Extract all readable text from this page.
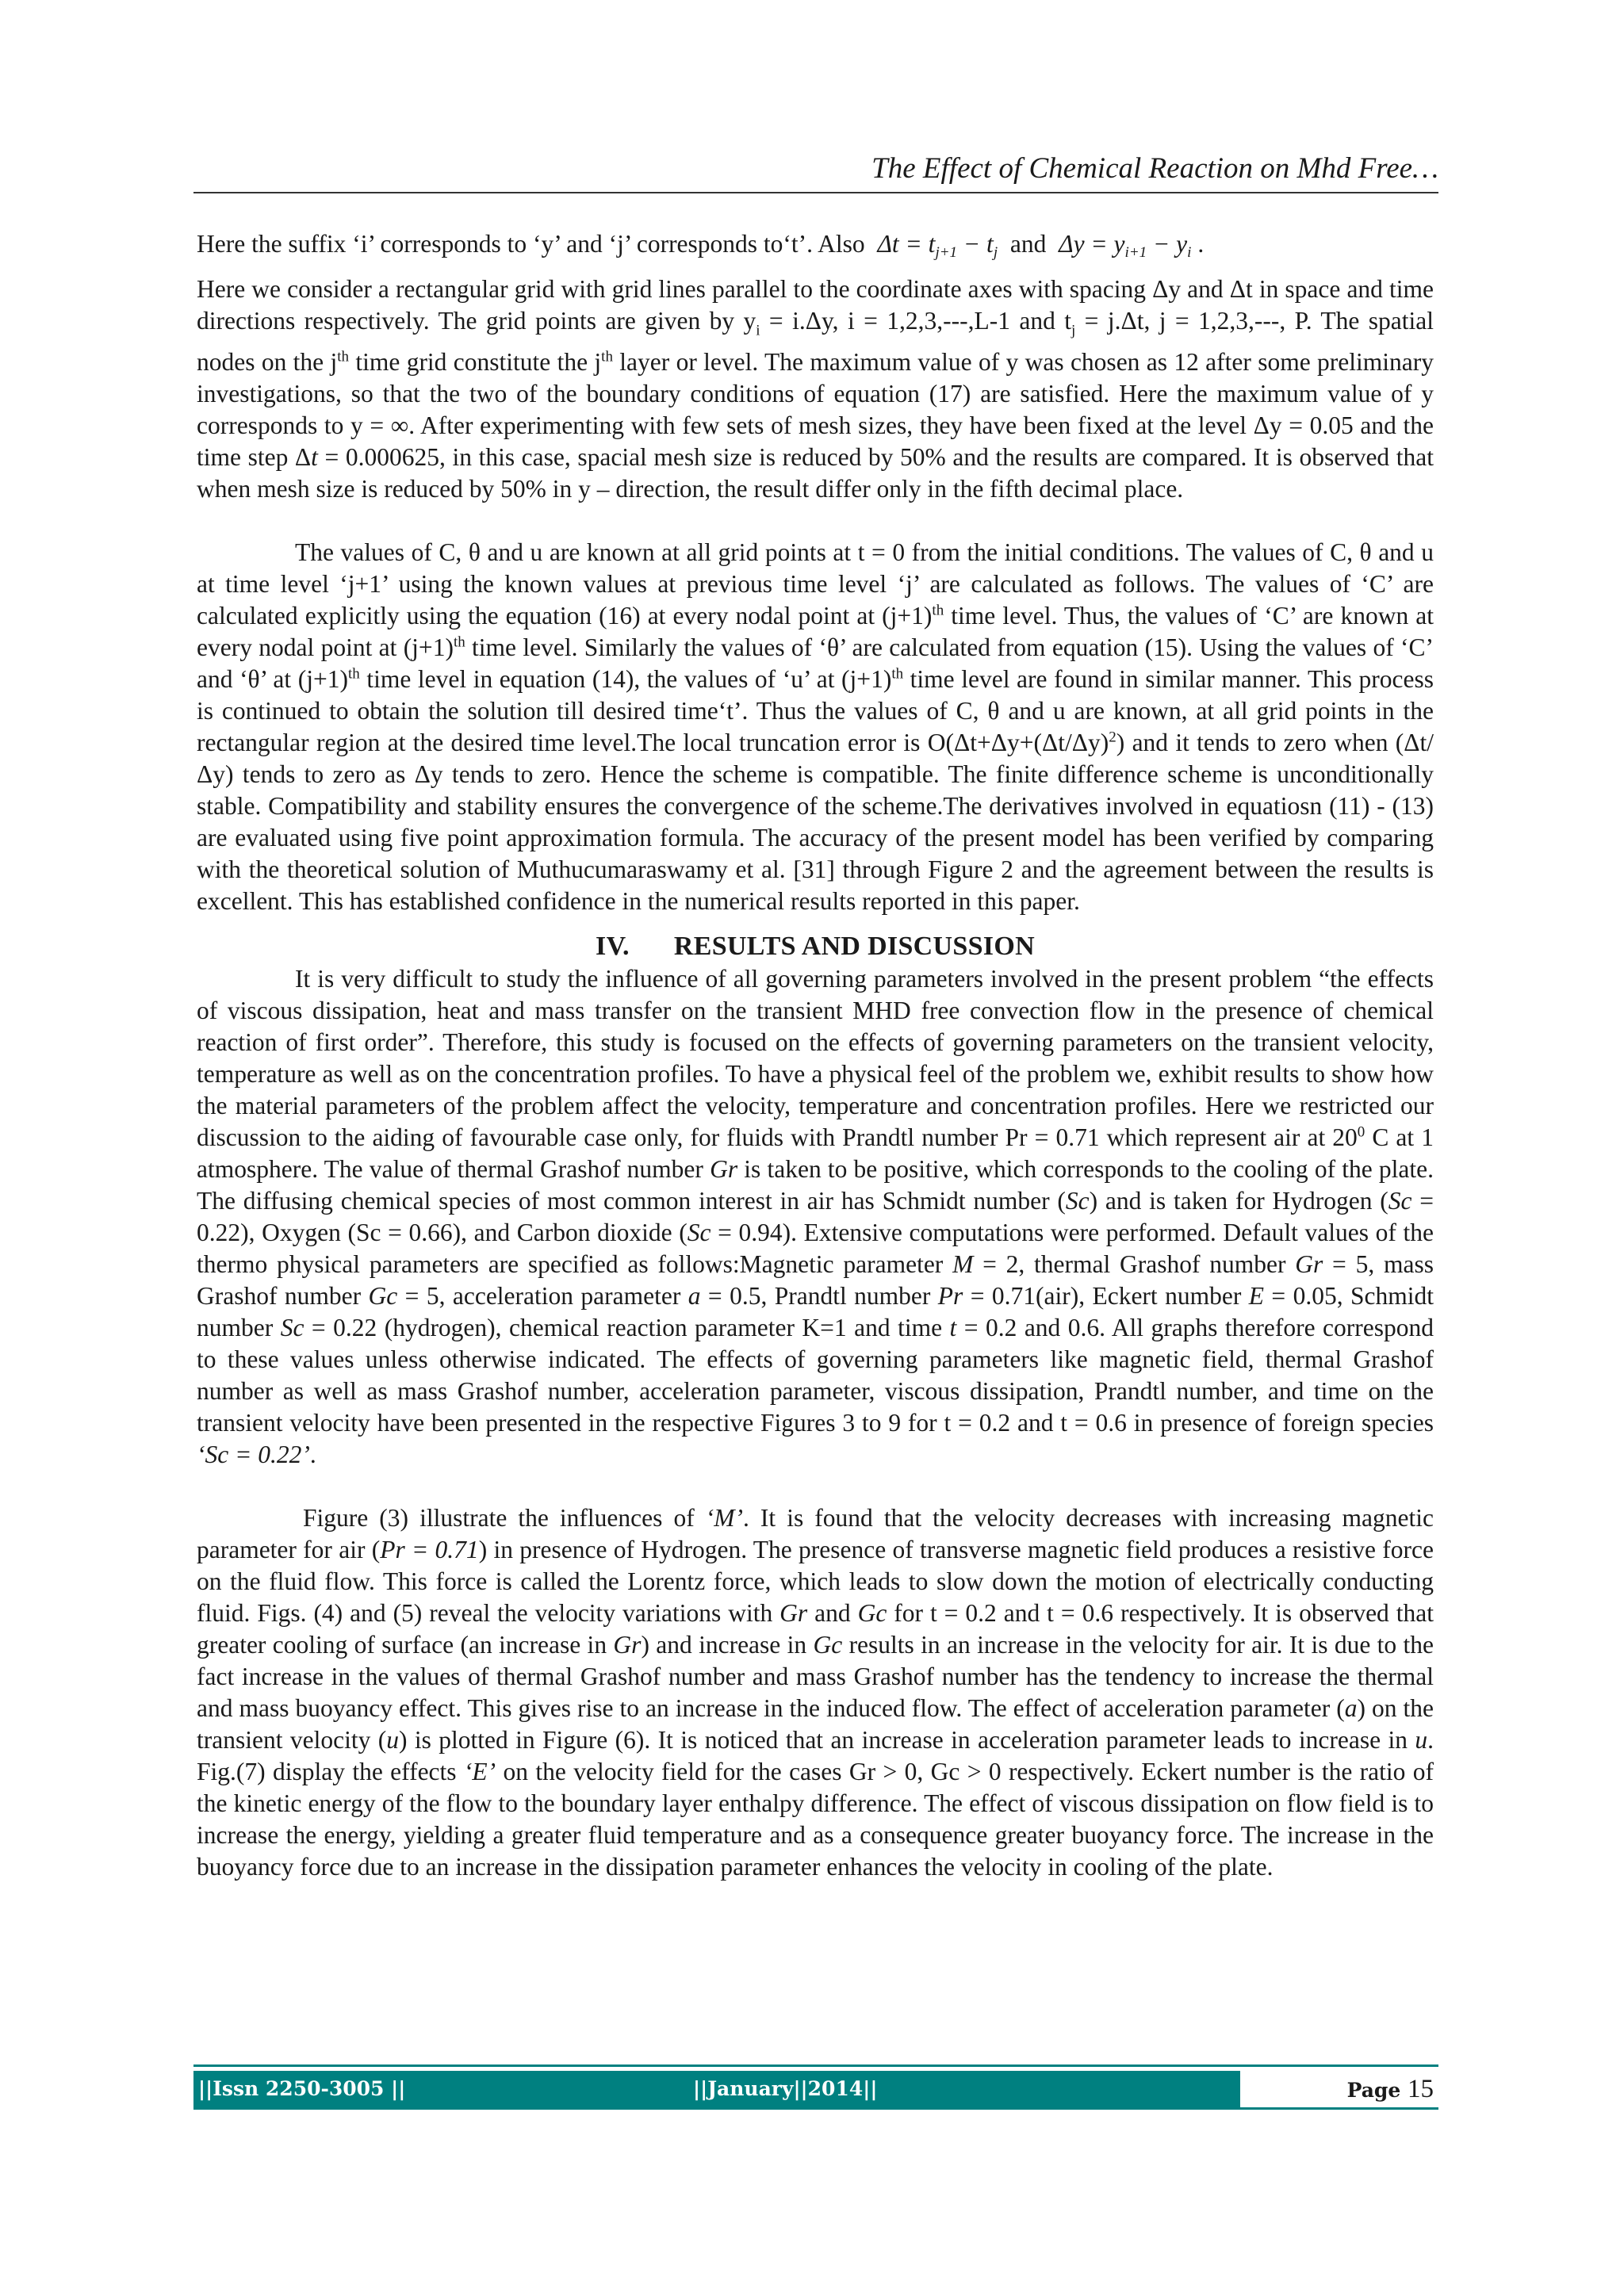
The Effect of Chemical Reaction on Mhd Free…

Here the suffix ‘i’ corresponds to ‘y’ and ‘j’ corresponds to‘t’. Also $\Delta t = t_{j+1} - t_j$ and $\Delta y = y_{i+1} - y_i$ .

Here we consider a rectangular grid with grid lines parallel to the coordinate axes with spacing Δy and Δt in space and time directions respectively. The grid points are given by $y_i = i.\Delta y$, i = 1,2,3,---,L-1 and $t_j = j.\Delta t$, j = 1,2,3,---, P. The spatial nodes on the $j^{th}$ time grid constitute the $j^{th}$ layer or level. The maximum value of y was chosen as 12 after some preliminary investigations, so that the two of the boundary conditions of equation (17) are satisfied. Here the maximum value of y corresponds to y = ∞. After experimenting with few sets of mesh sizes, they have been fixed at the level Δy = 0.05 and the time step Δt = 0.000625, in this case, spacial mesh size is reduced by 50% and the results are compared. It is observed that when mesh size is reduced by 50% in y – direction, the result differ only in the fifth decimal place.

The values of C, θ and u are known at all grid points at t = 0 from the initial conditions. The values of C, θ and u at time level ‘j+1’ using the known values at previous time level ‘j’ are calculated as follows. The values of ‘C’ are calculated explicitly using the equation (16) at every nodal point at $(j+1)^{th}$ time level. Thus, the values of ‘C’ are known at every nodal point at $(j+1)^{th}$ time level. Similarly the values of ‘θ’ are calculated from equation (15). Using the values of ‘C’ and ‘θ’ at $(j+1)^{th}$ time level in equation (14), the values of ‘u’ at $(j+1)^{th}$ time level are found in similar manner. This process is continued to obtain the solution till desired time‘t’. Thus the values of C, θ and u are known, at all grid points in the rectangular region at the desired time level.The local truncation error is $O(\Delta t+\Delta y+(\Delta t/\Delta y)^2)$ and it tends to zero when (Δt/Δy) tends to zero as Δy tends to zero. Hence the scheme is compatible. The finite difference scheme is unconditionally stable. Compatibility and stability ensures the convergence of the scheme.The derivatives involved in equatiosn (11) - (13) are evaluated using five point approximation formula. The accuracy of the present model has been verified by comparing with the theoretical solution of Muthucumaraswamy et al. [31] through Figure 2 and the agreement between the results is excellent. This has established confidence in the numerical results reported in this paper.

IV. RESULTS AND DISCUSSION

It is very difficult to study the influence of all governing parameters involved in the present problem “the effects of viscous dissipation, heat and mass transfer on the transient MHD free convection flow in the presence of chemical reaction of first order”. Therefore, this study is focused on the effects of governing parameters on the transient velocity, temperature as well as on the concentration profiles. To have a physical feel of the problem we, exhibit results to show how the material parameters of the problem affect the velocity, temperature and concentration profiles. Here we restricted our discussion to the aiding of favourable case only, for fluids with Prandtl number Pr = 0.71 which represent air at $20^0$ C at 1 atmosphere. The value of thermal Grashof number Gr is taken to be positive, which corresponds to the cooling of the plate. The diffusing chemical species of most common interest in air has Schmidt number (Sc) and is taken for Hydrogen (Sc = 0.22), Oxygen (Sc = 0.66), and Carbon dioxide (Sc = 0.94). Extensive computations were performed. Default values of the thermo physical parameters are specified as follows:Magnetic parameter M = 2, thermal Grashof number Gr = 5, mass Grashof number Gc = 5, acceleration parameter a = 0.5, Prandtl number Pr = 0.71(air), Eckert number E = 0.05, Schmidt number Sc = 0.22 (hydrogen), chemical reaction parameter K=1 and time t = 0.2 and 0.6. All graphs therefore correspond to these values unless otherwise indicated. The effects of governing parameters like magnetic field, thermal Grashof number as well as mass Grashof number, acceleration parameter, viscous dissipation, Prandtl number, and time on the transient velocity have been presented in the respective Figures 3 to 9 for t = 0.2 and t = 0.6 in presence of foreign species ‘Sc = 0.22’.

Figure (3) illustrate the influences of ‘M’. It is found that the velocity decreases with increasing magnetic parameter for air (Pr = 0.71) in presence of Hydrogen. The presence of transverse magnetic field produces a resistive force on the fluid flow. This force is called the Lorentz force, which leads to slow down the motion of electrically conducting fluid. Figs. (4) and (5) reveal the velocity variations with Gr and Gc for t = 0.2 and t = 0.6 respectively. It is observed that greater cooling of surface (an increase in Gr) and increase in Gc results in an increase in the velocity for air. It is due to the fact increase in the values of thermal Grashof number and mass Grashof number has the tendency to increase the thermal and mass buoyancy effect. This gives rise to an increase in the induced flow. The effect of acceleration parameter (a) on the transient velocity (u) is plotted in Figure (6). It is noticed that an increase in acceleration parameter leads to increase in u. Fig.(7) display the effects ‘E’ on the velocity field for the cases Gr > 0, Gc > 0 respectively. Eckert number is the ratio of the kinetic energy of the flow to the boundary layer enthalpy difference. The effect of viscous dissipation on flow field is to increase the energy, yielding a greater fluid temperature and as a consequence greater buoyancy force. The increase in the buoyancy force due to an increase in the dissipation parameter enhances the velocity in cooling of the plate.

||Issn 2250-3005 ||	||January||2014||	Page 15
